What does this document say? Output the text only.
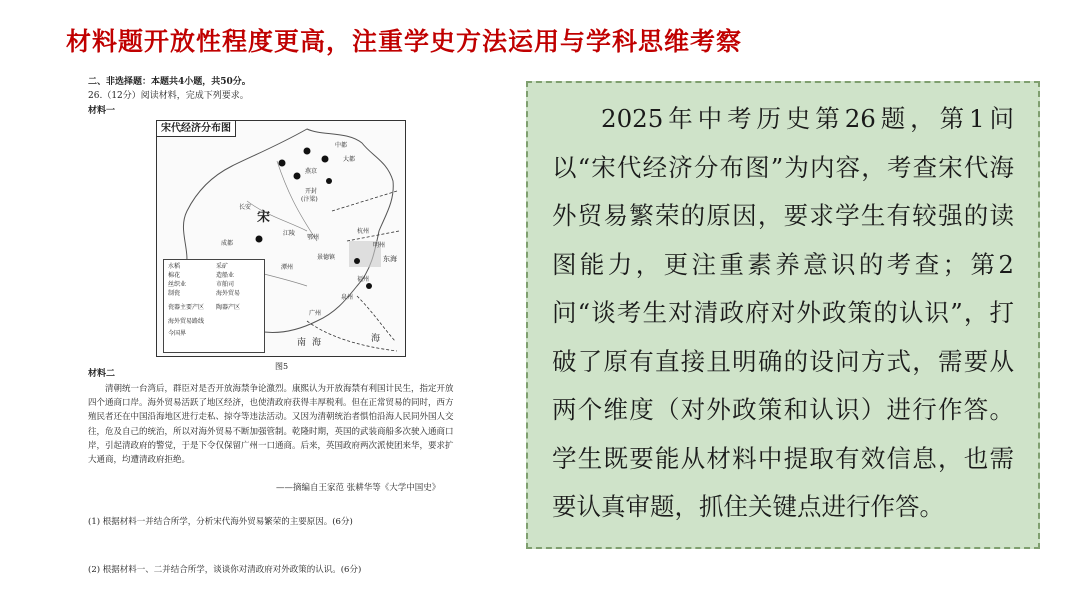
材料题开放性程度更高，注重学史方法运用与学科思维考察
二、非选择题：本题共4小题，共50分。
26.（12分）阅读材料，完成下列要求。
材料一
宋代经济分布图
宋
中都
大都
燕京
开封
(汴梁)
长安
成都
江陵
鄂州
景德镇
潭州
泉州
福州
广州
杭州
明州
南海
东海
海
水稻	采矿
棉花	造船业
丝织业	市舶司
制瓷	海外贸易
瓷器主要产区 陶器产区
海外贸易路线
今国界
图5
材料二

清朝统一台湾后，群臣对是否开放海禁争论激烈。康熙认为开放海禁有利国计民生，指定开放四个通商口岸。海外贸易活跃了地区经济，也使清政府获得丰厚税利。但在正常贸易的同时，西方殖民者还在中国沿海地区进行走私、掠夺等违法活动。又因为清朝统治者惧怕沿海人民同外国人交往，危及自己的统治，所以对海外贸易不断加强管制。乾隆时期，英国的武装商船多次驶入通商口岸，引起清政府的警觉，于是下令仅保留广州一口通商。后来，英国政府两次派使团来华，要求扩大通商，均遭清政府拒绝。

——摘编自王家范 张耕华等《大学中国史》
(1) 根据材料一并结合所学，分析宋代海外贸易繁荣的主要原因。(6分)
(2) 根据材料一、二并结合所学，谈谈你对清政府对外政策的认识。(6分)

2025年中考历史第26题，第1问以“宋代经济分布图”为内容，考查宋代海外贸易繁荣的原因，要求学生有较强的读图能力，更注重素养意识的考查；第2问“谈考生对清政府对外政策的认识”，打破了原有直接且明确的设问方式，需要从两个维度（对外政策和认识）进行作答。学生既要能从材料中提取有效信息，也需要认真审题，抓住关键点进行作答。
